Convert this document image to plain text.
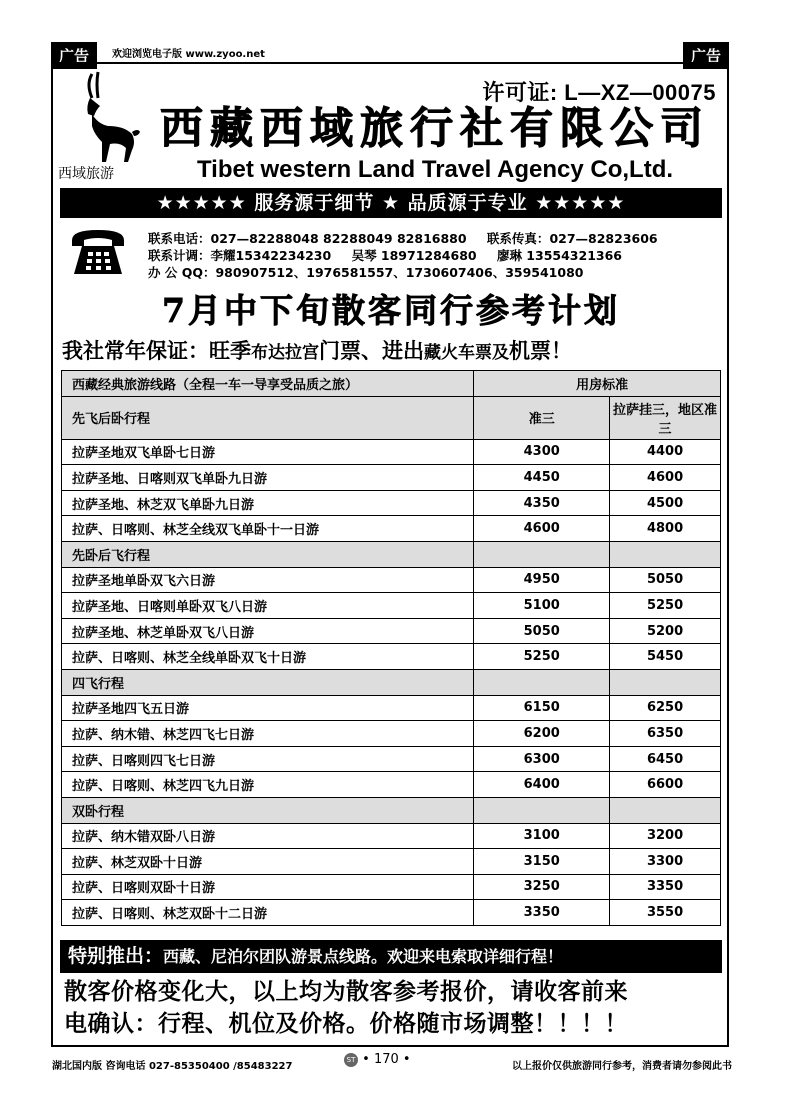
广告	欢迎浏览电子版 www.zyoo.net	广告
许可证: L—XZ—00075
西域旅游
西藏西域旅行社有限公司
Tibet western Land Travel Agency Co,Ltd.
★★★★★ 服务源于细节 ★ 品质源于专业 ★★★★★
联系电话：027—82288048 82288049 82816880 联系传真：027—82823606
联系计调：李耀15342234230 吴琴 18971284680 廖琳 13554321366
办 公 QQ：980907512、1976581557、1730607406、359541080
7月中下旬散客同行参考计划
我社常年保证：旺季布达拉宫门票、进出藏火车票及机票！
西藏经典旅游线路（全程一车一导享受品质之旅）	用房标准	
先飞后卧行程	准三	拉萨挂三，地区准三
拉萨圣地双飞单卧七日游	4300	4400
拉萨圣地、日喀则双飞单卧九日游	4450	4600
拉萨圣地、林芝双飞单卧九日游	4350	4500
拉萨、日喀则、林芝全线双飞单卧十一日游	4600	4800
先卧后飞行程		
拉萨圣地单卧双飞六日游	4950	5050
拉萨圣地、日喀则单卧双飞八日游	5100	5250
拉萨圣地、林芝单卧双飞八日游	5050	5200
拉萨、日喀则、林芝全线单卧双飞十日游	5250	5450
四飞行程		
拉萨圣地四飞五日游	6150	6250
拉萨、纳木错、林芝四飞七日游	6200	6350
拉萨、日喀则四飞七日游	6300	6450
拉萨、日喀则、林芝四飞九日游	6400	6600
双卧行程		
拉萨、纳木错双卧八日游	3100	3200
拉萨、林芝双卧十日游	3150	3300
拉萨、日喀则双卧十日游	3250	3350
拉萨、日喀则、林芝双卧十二日游	3350	3550
特别推出：西藏、尼泊尔团队游景点线路。欢迎来电索取详细行程！
散客价格变化大，以上均为散客参考报价，请收客前来
电确认：行程、机位及价格。价格随市场调整！！！！
湖北国内版 咨询电话 027-85350400 /85483227
ST • 170 •	以上报价仅供旅游同行参考，消费者请勿参阅此书
